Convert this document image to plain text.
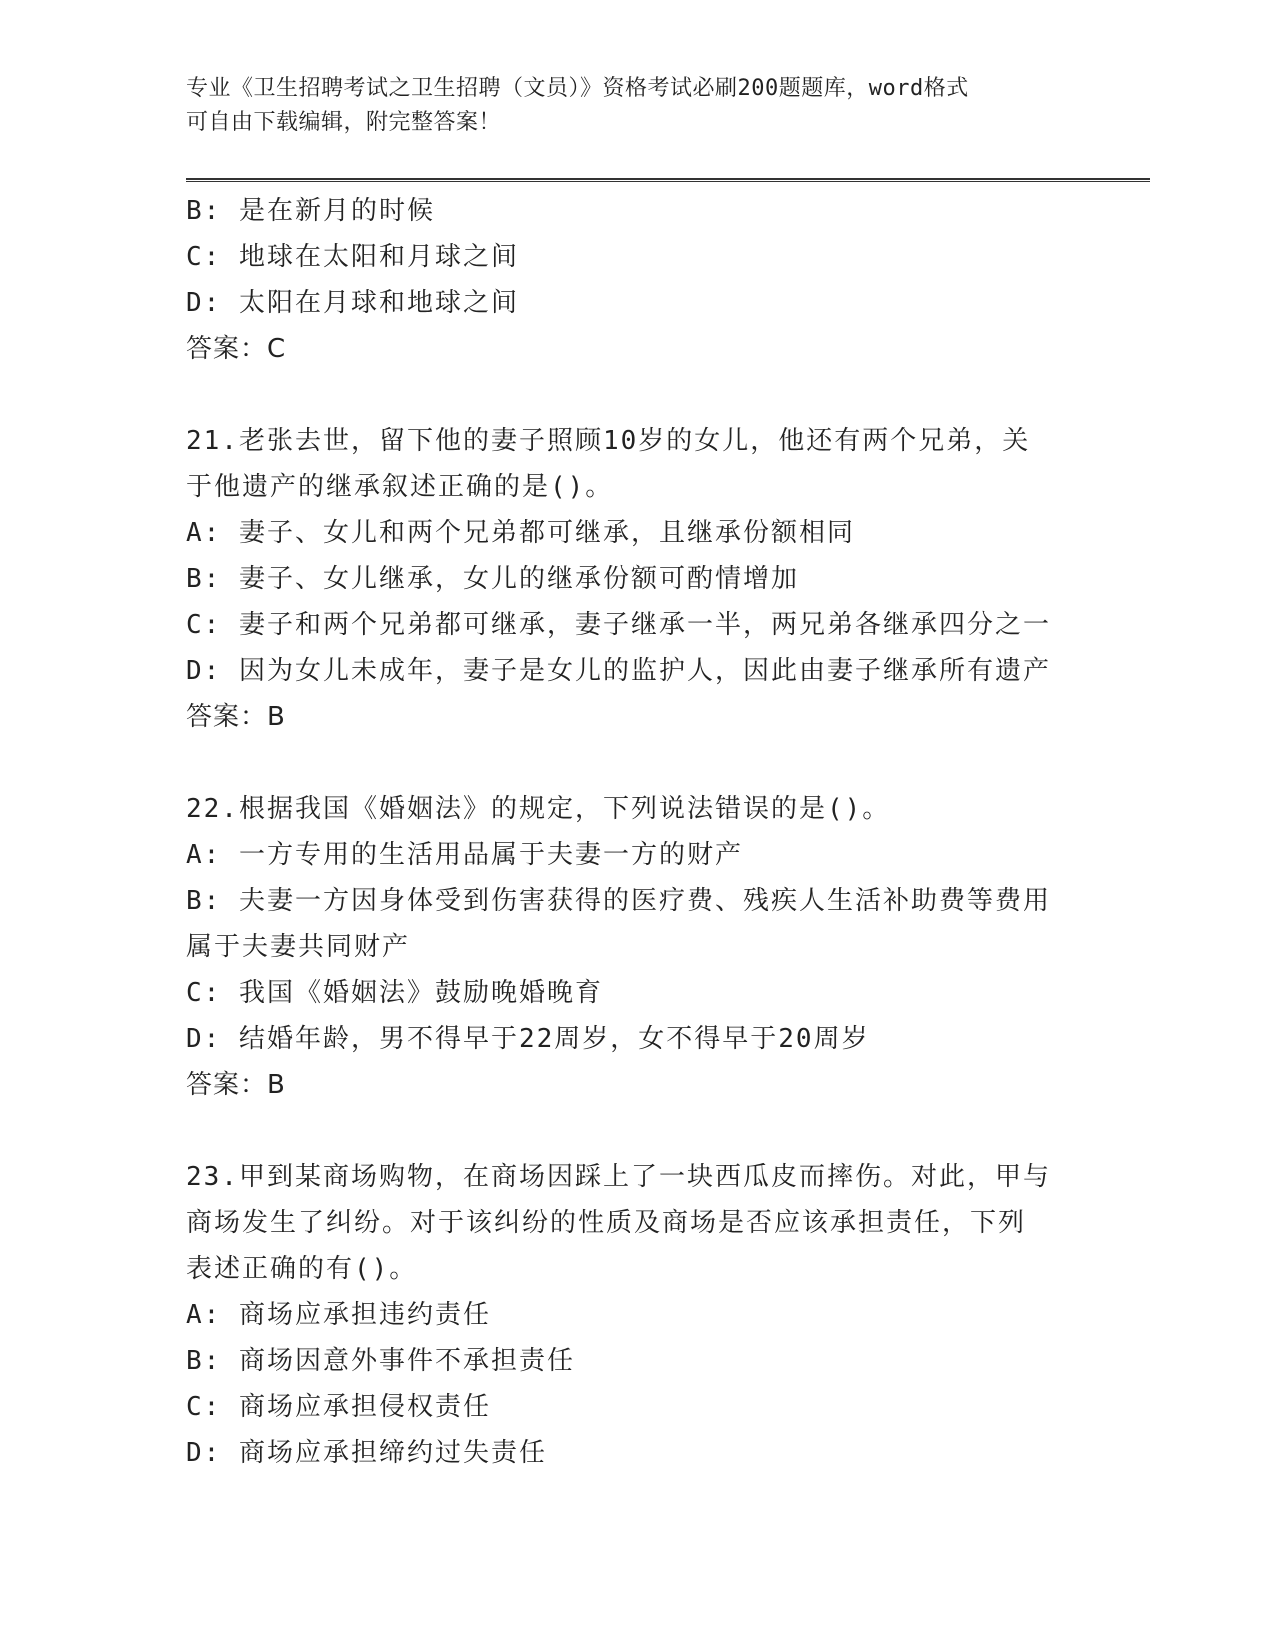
专业《卫生招聘考试之卫生招聘（文员）》资格考试必刷200题题库，word格式
可自由下载编辑，附完整答案！
B: 是在新月的时候
C: 地球在太阳和月球之间
D: 太阳在月球和地球之间
答案：C
21.老张去世，留下他的妻子照顾10岁的女儿，他还有两个兄弟，关
于他遗产的继承叙述正确的是()。
A: 妻子、女儿和两个兄弟都可继承，且继承份额相同
B: 妻子、女儿继承，女儿的继承份额可酌情增加
C: 妻子和两个兄弟都可继承，妻子继承一半，两兄弟各继承四分之一
D: 因为女儿未成年，妻子是女儿的监护人，因此由妻子继承所有遗产
答案：B
22.根据我国《婚姻法》的规定，下列说法错误的是()。
A: 一方专用的生活用品属于夫妻一方的财产
B: 夫妻一方因身体受到伤害获得的医疗费、残疾人生活补助费等费用
属于夫妻共同财产
C: 我国《婚姻法》鼓励晚婚晚育
D: 结婚年龄，男不得早于22周岁，女不得早于20周岁
答案：B
23.甲到某商场购物，在商场因踩上了一块西瓜皮而摔伤。对此，甲与
商场发生了纠纷。对于该纠纷的性质及商场是否应该承担责任，下列
表述正确的有()。
A: 商场应承担违约责任
B: 商场因意外事件不承担责任
C: 商场应承担侵权责任
D: 商场应承担缔约过失责任
